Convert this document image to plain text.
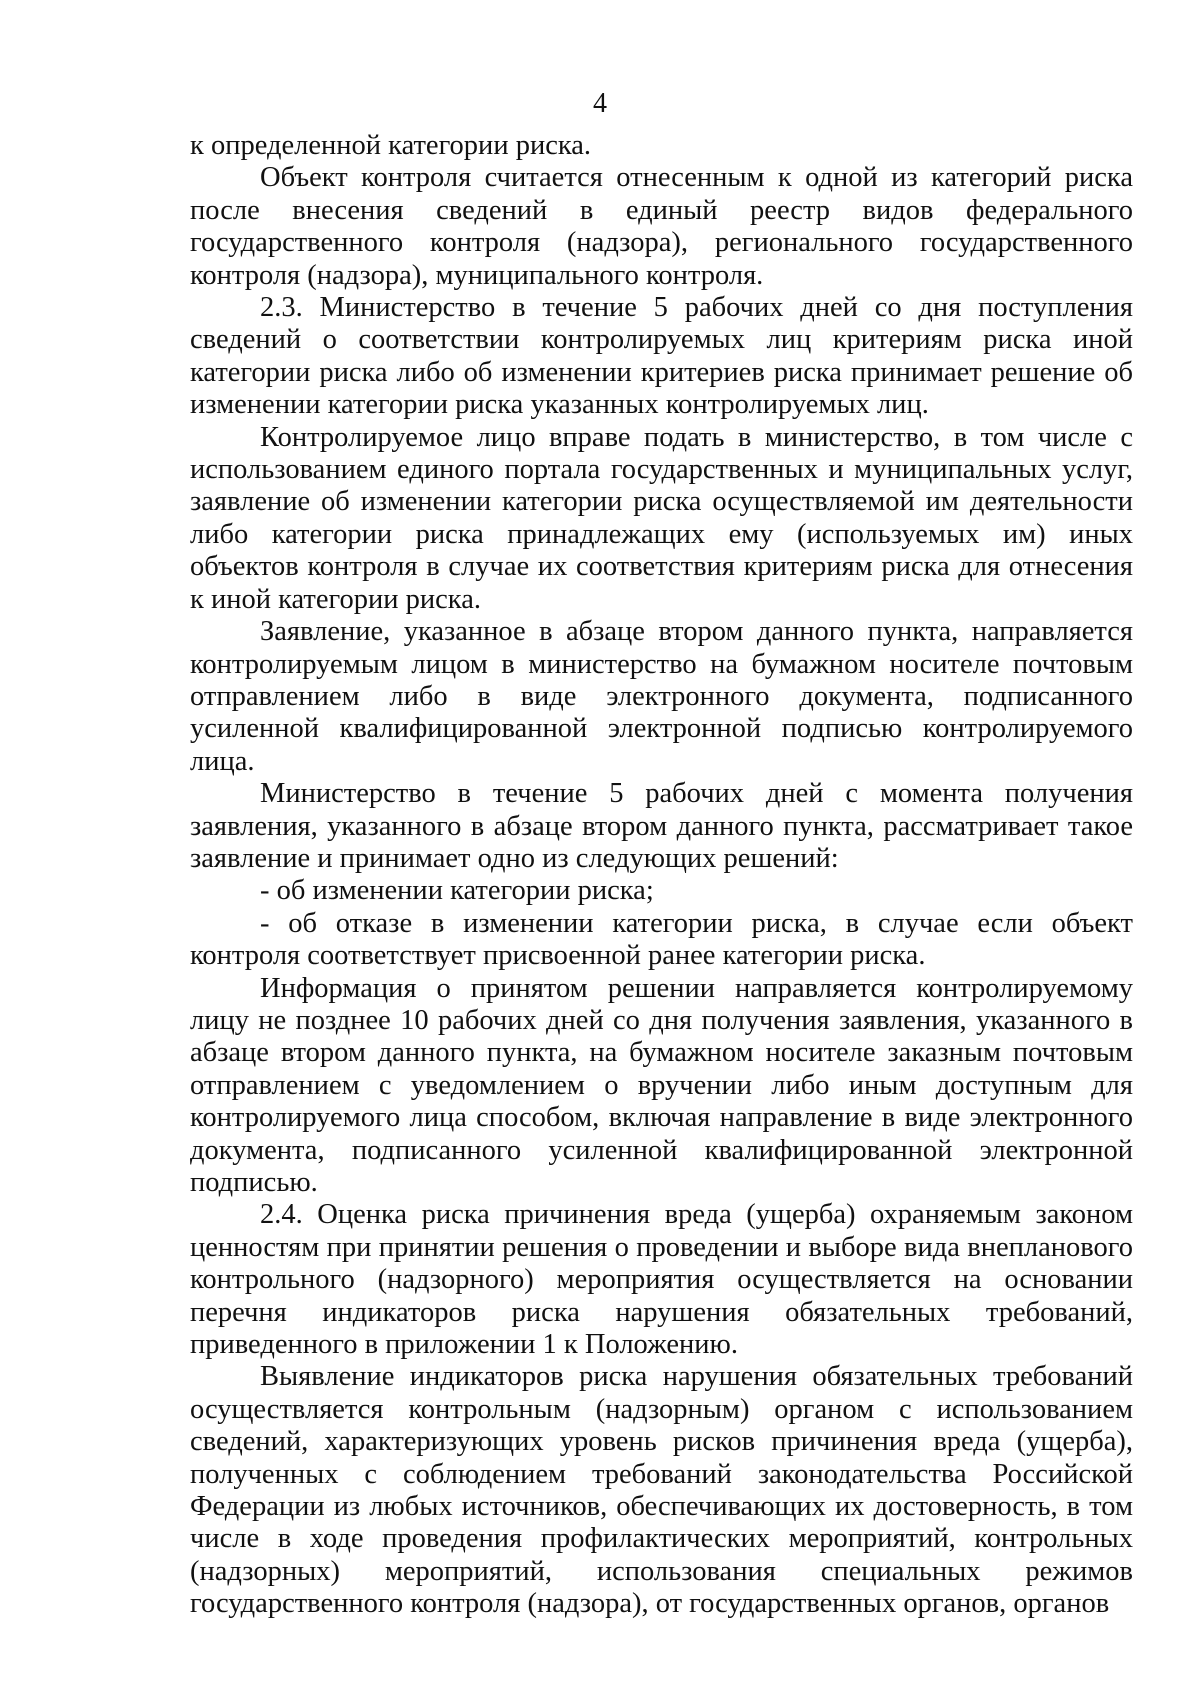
4

к определенной категории риска.

Объект контроля считается отнесенным к одной из категорий риска после внесения сведений в единый реестр видов федерального государственного контроля (надзора), регионального государственного контроля (надзора), муниципального контроля.

2.3. Министерство в течение 5 рабочих дней со дня поступления сведений о соответствии контролируемых лиц критериям риска иной категории риска либо об изменении критериев риска принимает решение об изменении категории риска указанных контролируемых лиц.

Контролируемое лицо вправе подать в министерство, в том числе с использованием единого портала государственных и муниципальных услуг, заявление об изменении категории риска осуществляемой им деятельности либо категории риска принадлежащих ему (используемых им) иных объектов контроля в случае их соответствия критериям риска для отнесения к иной категории риска.

Заявление, указанное в абзаце втором данного пункта, направляется контролируемым лицом в министерство на бумажном носителе почтовым отправлением либо в виде электронного документа, подписанного усиленной квалифицированной электронной подписью контролируемого лица.

Министерство в течение 5 рабочих дней с момента получения заявления, указанного в абзаце втором данного пункта, рассматривает такое заявление и принимает одно из следующих решений:

- об изменении категории риска;

- об отказе в изменении категории риска, в случае если объект контроля соответствует присвоенной ранее категории риска.

Информация о принятом решении направляется контролируемому лицу не позднее 10 рабочих дней со дня получения заявления, указанного в абзаце втором данного пункта, на бумажном носителе заказным почтовым отправлением с уведомлением о вручении либо иным доступным для контролируемого лица способом, включая направление в виде электронного документа, подписанного усиленной квалифицированной электронной подписью.

2.4. Оценка риска причинения вреда (ущерба) охраняемым законом ценностям при принятии решения о проведении и выборе вида внепланового контрольного (надзорного) мероприятия осуществляется на основании перечня индикаторов риска нарушения обязательных требований, приведенного в приложении 1 к Положению.

Выявление индикаторов риска нарушения обязательных требований осуществляется контрольным (надзорным) органом с использованием сведений, характеризующих уровень рисков причинения вреда (ущерба), полученных с соблюдением требований законодательства Российской Федерации из любых источников, обеспечивающих их достоверность, в том числе в ходе проведения профилактических мероприятий, контрольных (надзорных) мероприятий, использования специальных режимов государственного контроля (надзора), от государственных органов, органов
